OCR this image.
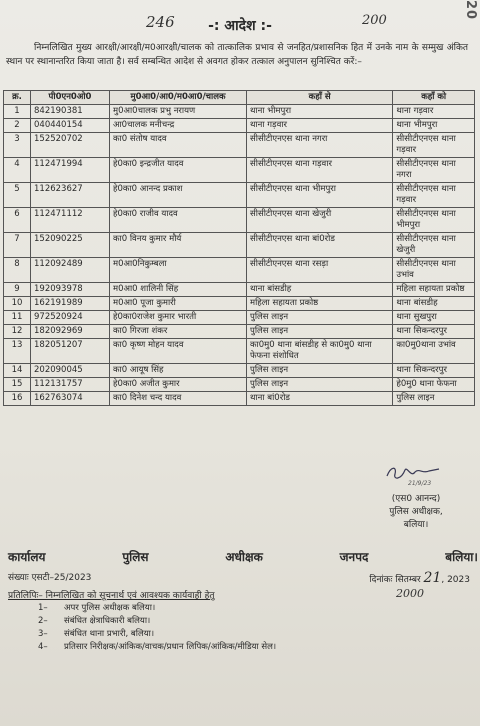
20
-: आदेश :-
246	200

निम्नलिखित मुख्य आरक्षी/आरक्षी/म0आरक्षी/चालक को तात्कालिक प्रभाव से जनहित/प्रशासनिक हित में उनके नाम के सम्मुख अंकित स्थान पर स्थानान्तरित किया जाता है। सर्व सम्बन्धित आदेश से अवगत होकर तत्काल अनुपालन सुनिश्चित करें:–

क्र.	पी0एन0ओ0	मु0आ0/आ0/म0आ0/चालक	कहाँ से	कहाँ को
1	842190381	मु0आ0चालक प्रभु नरायण	थाना भीमपुरा	थाना गड़वार
2	040440154	आ0चालक मनीचन्द्र	थाना गड़वार	थाना भीमपुरा
3	152520702	का0 संतोष यादव	सीसीटीएनएस थाना नगरा	सीसीटीएनएस थाना गड़वार
4	112471994	हे0का0 इन्द्रजीत यादव	सीसीटीएनएस थाना गड़वार	सीसीटीएनएस थाना नगरा
5	112623627	हे0का0 आनन्द प्रकाश	सीसीटीएनएस थाना भीमपुरा	सीसीटीएनएस थाना गड़वार
6	112471112	हे0का0 राजीव यादव	सीसीटीएनएस थाना खेजुरी	सीसीटीएनएस थाना भीमपुरा
7	152090225	का0 विनय कुमार मौर्य	सीसीटीएनएस थाना बां0रोड	सीसीटीएनएस थाना खेजुरी
8	112092489	म0आ0निकुम्बला	सीसीटीएनएस थाना रसड़ा	सीसीटीएनएस थाना उभांव
9	192093978	म0आ0 शालिनी सिंह	थाना बांसडीह	महिला सहायता प्रकोष्ठ
10	162191989	म0आ0 पूजा कुमारी	महिला सहायता प्रकोष्ठ	थाना बांसडीह
11	972520924	हे0का0राजेश कुमार भारती	पुलिस लाइन	थाना सुखपुरा
12	182092969	का0 गिरजा शंकर	पुलिस लाइन	थाना सिकन्दरपुर
13	182051207	का0 कृष्ण मोहन यादव	का0मु0 थाना बांसडीह से का0मु0 थाना फेफना संशोधित	का0मु0थाना उभांव
14	202090045	का0 आयूष सिंह	पुलिस लाइन	थाना सिकन्दरपुर
15	112131757	हे0का0 अजीत कुमार	पुलिस लाइन	हे0मु0 थाना फेफना
16	162763074	का0 दिनेश चन्द यादव	थाना बां0रोड	पुलिस लाइन
21/9/23
(एस0 आनन्द)
पुलिस अधीक्षक,
बलिया।
कार्यालय	पुलिस	अधीक्षक	जनपद	बलिया।
संख्याः एसटी–25/2023	दिनांकः सितम्बर 21, 2023
2000
प्रतिलिपिः– निम्नलिखित को सूचनार्थ एवं आवश्यक कार्यवाही हेतु
1– अपर पुलिस अधीक्षक बलिया।
2– संबंधित क्षेत्राधिकारी बलिया।
3– संबंधित थाना प्रभारी, बलिया।
4– प्रतिसार निरीक्षक/आंकिक/वाचक/प्रधान लिपिक/आंकिक/मीडिया सेल।
